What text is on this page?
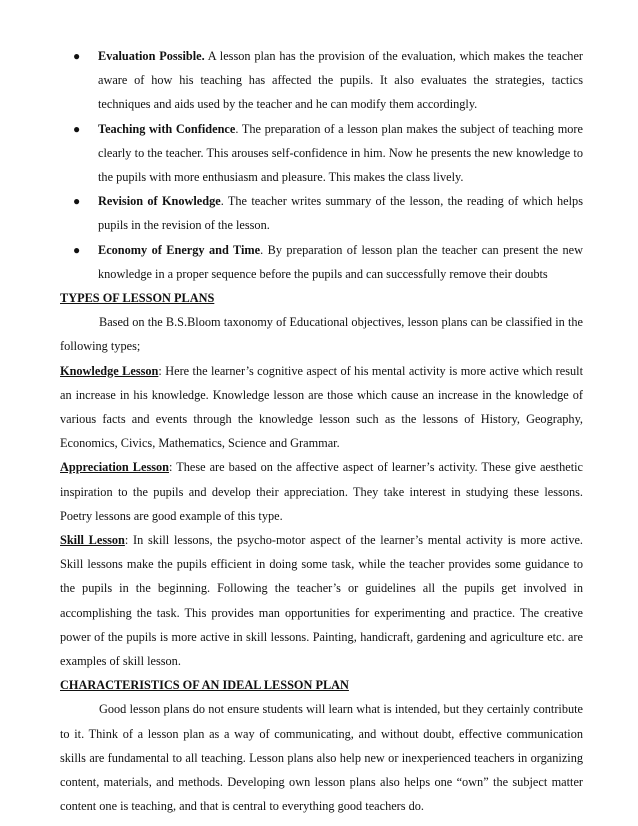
● Evaluation Possible. A lesson plan has the provision of the evaluation, which makes the teacher aware of how his teaching has affected the pupils. It also evaluates the strategies, tactics techniques and aids used by the teacher and he can modify them accordingly.
● Teaching with Confidence. The preparation of a lesson plan makes the subject of teaching more clearly to the teacher. This arouses self-confidence in him. Now he presents the new knowledge to the pupils with more enthusiasm and pleasure. This makes the class lively.
● Revision of Knowledge. The teacher writes summary of the lesson, the reading of which helps pupils in the revision of the lesson.
● Economy of Energy and Time. By preparation of lesson plan the teacher can present the new knowledge in a proper sequence before the pupils and can successfully remove their doubts
TYPES OF LESSON PLANS
Based on the B.S.Bloom taxonomy of Educational objectives, lesson plans can be classified in the following types;
Knowledge Lesson: Here the learner’s cognitive aspect of his mental activity is more active which result an increase in his knowledge. Knowledge lesson are those which cause an increase in the knowledge of various facts and events through the knowledge lesson such as the lessons of History, Geography, Economics, Civics, Mathematics, Science and Grammar.
Appreciation Lesson: These are based on the affective aspect of learner’s activity. These give aesthetic inspiration to the pupils and develop their appreciation. They take interest in studying these lessons. Poetry lessons are good example of this type.
Skill Lesson: In skill lessons, the psycho-motor aspect of the learner’s mental activity is more active. Skill lessons make the pupils efficient in doing some task, while the teacher provides some guidance to the pupils in the beginning. Following the teacher’s or guidelines all the pupils get involved in accomplishing the task. This provides man opportunities for experimenting and practice. The creative power of the pupils is more active in skill lessons. Painting, handicraft, gardening and agriculture etc. are examples of skill lesson.
CHARACTERISTICS OF AN IDEAL LESSON PLAN
Good lesson plans do not ensure students will learn what is intended, but they certainly contribute to it. Think of a lesson plan as a way of communicating, and without doubt, effective communication skills are fundamental to all teaching. Lesson plans also help new or inexperienced teachers in organizing content, materials, and methods. Developing own lesson plans also helps one “own” the subject matter content one is teaching, and that is central to everything good teachers do.
